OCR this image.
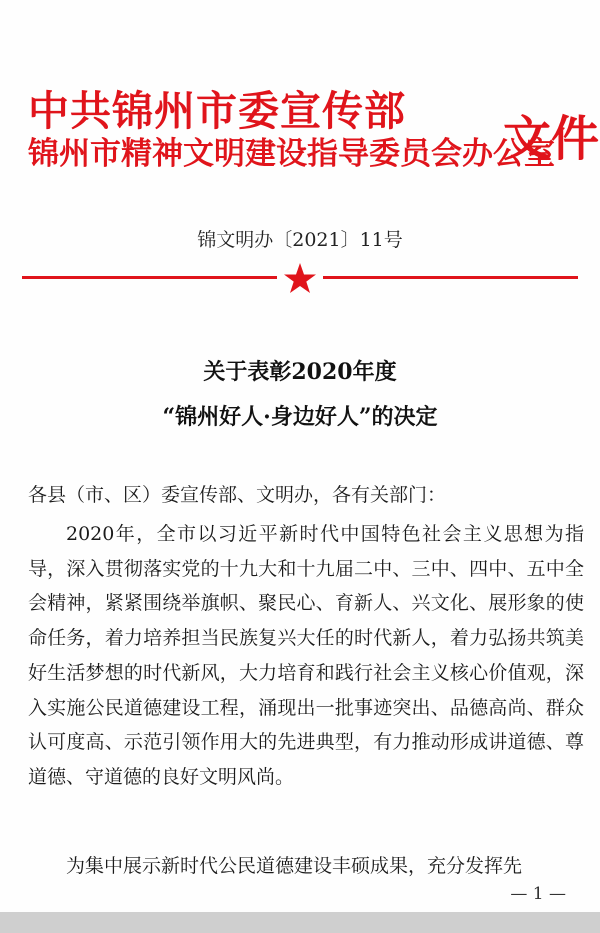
中共锦州市委宣传部
锦州市精神文明建设指导委员会办公室
文件
锦文明办〔2021〕11号
关于表彰2020年度
“锦州好人·身边好人”的决定
各县（市、区）委宣传部、文明办，各有关部门：
2020年，全市以习近平新时代中国特色社会主义思想为指导，深入贯彻落实党的十九大和十九届二中、三中、四中、五中全会精神，紧紧围绕举旗帜、聚民心、育新人、兴文化、展形象的使命任务，着力培养担当民族复兴大任的时代新人，着力弘扬共筑美好生活梦想的时代新风，大力培育和践行社会主义核心价值观，深入实施公民道德建设工程，涌现出一批事迹突出、品德高尚、群众认可度高、示范引领作用大的先进典型，有力推动形成讲道德、尊道德、守道德的良好文明风尚。
为集中展示新时代公民道德建设丰硕成果，充分发挥先
— 1 —
